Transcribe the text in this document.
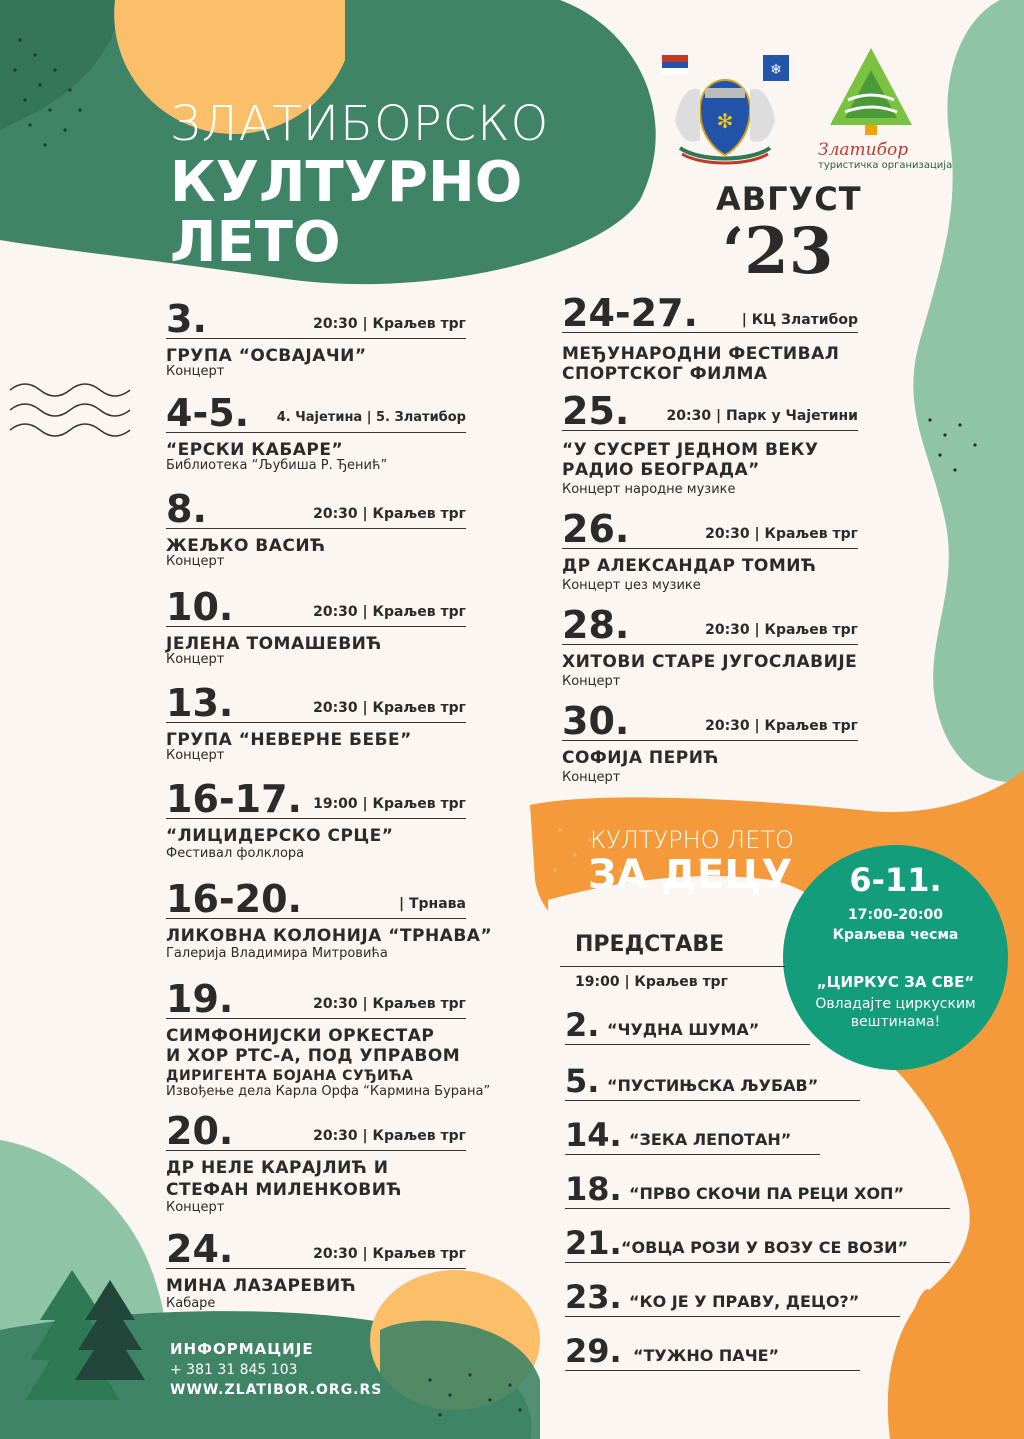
❄
✻
ЗЛАТИБОРСКО
КУЛТУРНО
ЛЕТО
Златибор
туристичка организација
АВГУСТ
‘23
3.	20:30 | Краљев трг
ГРУПА “ОСВАЈАЧИ”
Концерт
4-5. 4. Чајетина | 5. Златибор
“ЕРСКИ КАБАРЕ”
Библиотека “Љубиша Р. Ђенић”
8.	20:30 | Краљев трг
ЖЕЉКО ВАСИЋ
Концерт
10.	20:30 | Краљев трг
ЈЕЛЕНА ТОМАШЕВИЋ
Концерт
13.	20:30 | Краљев трг
ГРУПА “НЕВЕРНЕ БЕБЕ”
Концерт
16-17. 19:00 | Краљев трг
“ЛИЦИДЕРСКО СРЦЕ”
Фестивал фолклора
16-20.	| Трнава
ЛИКОВНА КОЛОНИЈА “ТРНАВА”
Галерија Владимира Митровића
19.	20:30 | Краљев трг
СИМФОНИЈСКИ ОРКЕСТАР
И ХОР РТС-А, ПОД УПРАВОМ
ДИРИГЕНТА БОЈАНА СУЂИЋА
Извођење дела Карла Орфа “Кармина Бурана”
20.	20:30 | Краљев трг
ДР НЕЛЕ КАРАЈЛИЋ И
СТЕФАН МИЛЕНКОВИЋ
Концерт
24.	20:30 | Краљев трг
МИНА ЛАЗАРЕВИЋ
Кабаре
24-27.	| КЦ Златибор
МЕЂУНАРОДНИ ФЕСТИВАЛ
СПОРТСКОГ ФИЛМА
25.	20:30 | Парк у Чајетини
“У СУСРЕТ ЈЕДНОМ ВЕКУ
РАДИО БЕОГРАДА”
Концерт народне музике
26.	20:30 | Краљев трг
ДР АЛЕКСАНДАР ТОМИЋ
Концерт џез музике
28.	20:30 | Краљев трг
ХИТОВИ СТАРЕ ЈУГОСЛАВИЈЕ
Концерт
30.	20:30 | Краљев трг
СОФИЈА ПЕРИЋ
Концерт
КУЛТУРНО ЛЕТО
ЗА ДЕЦУ	6-11.
17:00-20:00
Краљева чесма
„ЦИРКУС ЗА СВЕ“
Овладајте циркуским вештинама!
ПРЕДСТАВЕ
19:00 | Краљев трг
2. “ЧУДНА ШУМА”
5. “ПУСТИЊСКА ЉУБАВ”
14. “ЗЕКА ЛЕПОТАН”
18. “ПРВО СКОЧИ ПА РЕЦИ ХОП”
21. “ОВЦА РОЗИ У ВОЗУ СЕ ВОЗИ”
23. “КО ЈЕ У ПРАВУ, ДЕЦО?”
29. “ТУЖНО ПАЧЕ”
ИНФОРМАЦИЈЕ
+ 381 31 845 103
WWW.ZLATIBOR.ORG.RS
